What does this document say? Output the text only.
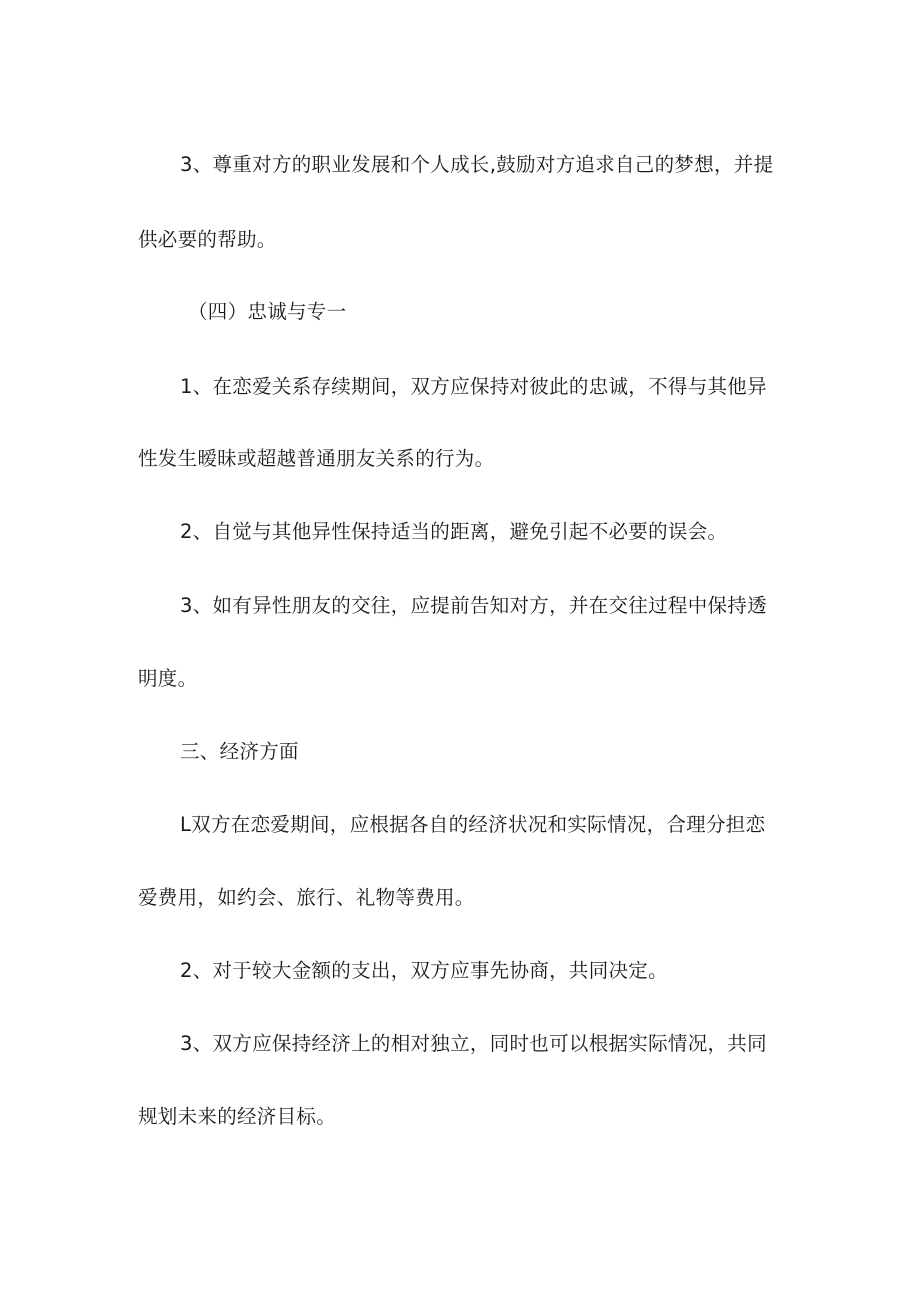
3、尊重对方的职业发展和个人成长,鼓励对方追求自己的梦想，并提

供必要的帮助。

（四）忠诚与专一

1、在恋爱关系存续期间，双方应保持对彼此的忠诚，不得与其他异

性发生暧昧或超越普通朋友关系的行为。

2、自觉与其他异性保持适当的距离，避免引起不必要的误会。

3、如有异性朋友的交往，应提前告知对方，并在交往过程中保持透

明度。

三、经济方面

L双方在恋爱期间，应根据各自的经济状况和实际情况，合理分担恋

爱费用，如约会、旅行、礼物等费用。

2、对于较大金额的支出，双方应事先协商，共同决定。

3、双方应保持经济上的相对独立，同时也可以根据实际情况，共同

规划未来的经济目标。
